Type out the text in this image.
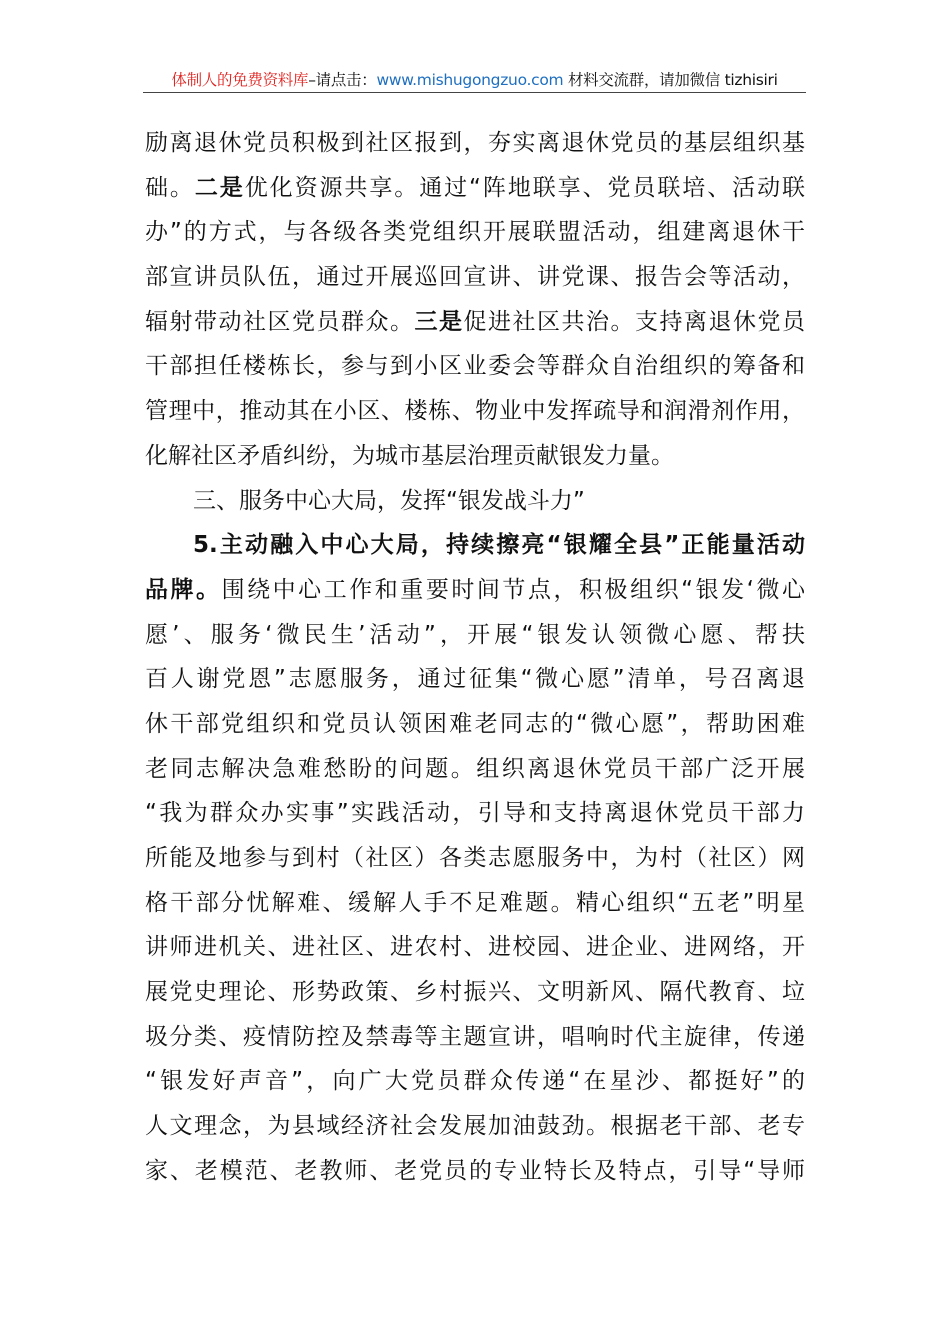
体制人的免费资料库–请点击：www.mishugongzuo.com 材料交流群，请加微信 tizhisiri
励离退休党员积极到社区报到，夯实离退休党员的基层组织基
础。二是优化资源共享。通过“阵地联享、党员联培、活动联
办”的方式，与各级各类党组织开展联盟活动，组建离退休干
部宣讲员队伍，通过开展巡回宣讲、讲党课、报告会等活动，
辐射带动社区党员群众。三是促进社区共治。支持离退休党员
干部担任楼栋长，参与到小区业委会等群众自治组织的筹备和
管理中，推动其在小区、楼栋、物业中发挥疏导和润滑剂作用，
化解社区矛盾纠纷，为城市基层治理贡献银发力量。
三、服务中心大局，发挥“银发战斗力”
5.主动融入中心大局，持续擦亮“银耀全县”正能量活动
品牌。围绕中心工作和重要时间节点，积极组织“银发‘微心
愿’、服务‘微民生’活动”，开展“银发认领微心愿、帮扶
百人谢党恩”志愿服务，通过征集“微心愿”清单，号召离退
休干部党组织和党员认领困难老同志的“微心愿”，帮助困难
老同志解决急难愁盼的问题。组织离退休党员干部广泛开展
“我为群众办实事”实践活动，引导和支持离退休党员干部力
所能及地参与到村（社区）各类志愿服务中，为村（社区）网
格干部分忧解难、缓解人手不足难题。精心组织“五老”明星
讲师进机关、进社区、进农村、进校园、进企业、进网络，开
展党史理论、形势政策、乡村振兴、文明新风、隔代教育、垃
圾分类、疫情防控及禁毒等主题宣讲，唱响时代主旋律，传递
“银发好声音”，向广大党员群众传递“在星沙、都挺好”的
人文理念，为县域经济社会发展加油鼓劲。根据老干部、老专
家、老模范、老教师、老党员的专业特长及特点，引导“导师
